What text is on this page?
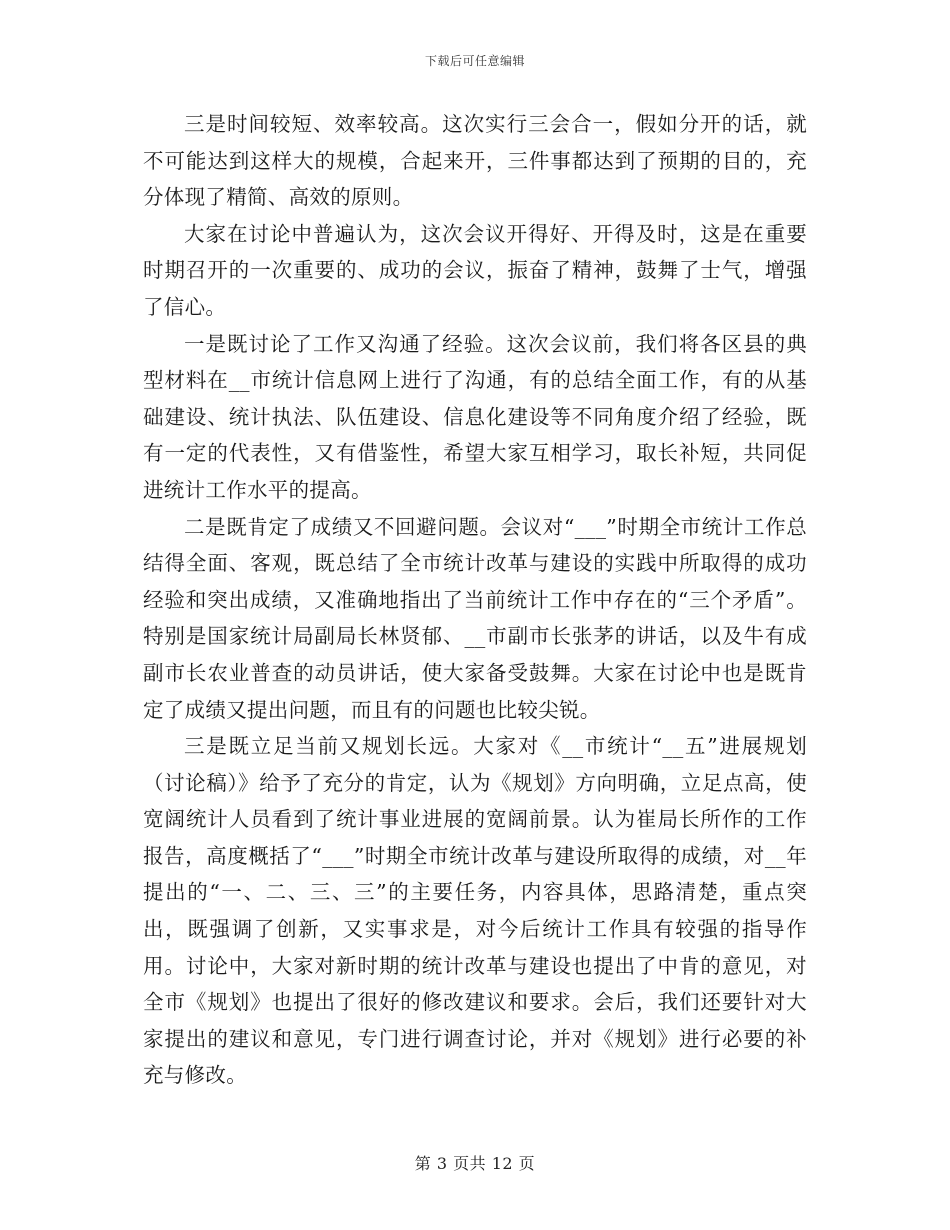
下载后可任意编辑

三是时间较短、效率较高。这次实行三会合一，假如分开的话，就不可能达到这样大的规模，合起来开，三件事都达到了预期的目的，充分体现了精简、高效的原则。

大家在讨论中普遍认为，这次会议开得好、开得及时，这是在重要时期召开的一次重要的、成功的会议，振奋了精神，鼓舞了士气，增强了信心。

一是既讨论了工作又沟通了经验。这次会议前，我们将各区县的典型材料在__市统计信息网上进行了沟通，有的总结全面工作，有的从基础建设、统计执法、队伍建设、信息化建设等不同角度介绍了经验，既有一定的代表性，又有借鉴性，希望大家互相学习，取长补短，共同促进统计工作水平的提高。

二是既肯定了成绩又不回避问题。会议对“___”时期全市统计工作总结得全面、客观，既总结了全市统计改革与建设的实践中所取得的成功经验和突出成绩，又准确地指出了当前统计工作中存在的“三个矛盾”。特别是国家统计局副局长林贤郁、__市副市长张茅的讲话，以及牛有成副市长农业普查的动员讲话，使大家备受鼓舞。大家在讨论中也是既肯定了成绩又提出问题，而且有的问题也比较尖锐。

三是既立足当前又规划长远。大家对《__市统计“__五”进展规划（讨论稿）》给予了充分的肯定，认为《规划》方向明确，立足点高，使宽阔统计人员看到了统计事业进展的宽阔前景。认为崔局长所作的工作报告，高度概括了“___”时期全市统计改革与建设所取得的成绩，对__年提出的“一、二、三、三”的主要任务，内容具体，思路清楚，重点突出，既强调了创新，又实事求是，对今后统计工作具有较强的指导作用。讨论中，大家对新时期的统计改革与建设也提出了中肯的意见，对全市《规划》也提出了很好的修改建议和要求。会后，我们还要针对大家提出的建议和意见，专门进行调查讨论，并对《规划》进行必要的补充与修改。

第 3 页共 12 页
